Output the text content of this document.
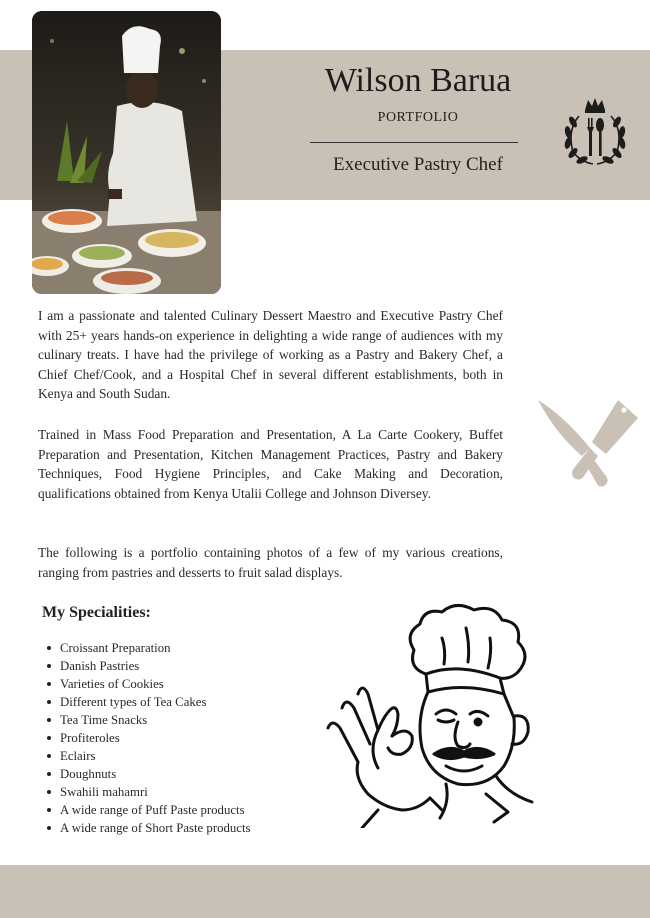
Wilson Barua
PORTFOLIO
Executive Pastry Chef

I am a passionate and talented Culinary Dessert Maestro and Executive Pastry Chef with 25+ years hands-on experience in delighting a wide range of audiences with my culinary treats. I have had the privilege of working as a Pastry and Bakery Chef, a Chief Chef/Cook, and a Hospital Chef in several different establishments, both in Kenya and South Sudan.

Trained in Mass Food Preparation and Presentation, A La Carte Cookery, Buffet Preparation and Presentation, Kitchen Management Practices, Pastry and Bakery Techniques, Food Hygiene Principles, and Cake Making and Decoration, qualifications obtained from Kenya Utalii College and Johnson Diversey.

The following is a portfolio containing photos of a few of my various creations, ranging from pastries and desserts to fruit salad displays.

My Specialities:
Croissant Preparation
Danish Pastries
Varieties of Cookies
Different types of Tea Cakes
Tea Time Snacks
Profiteroles
Eclairs
Doughnuts
Swahili mahamri
A wide range of Puff Paste products
A wide range of Short Paste products
